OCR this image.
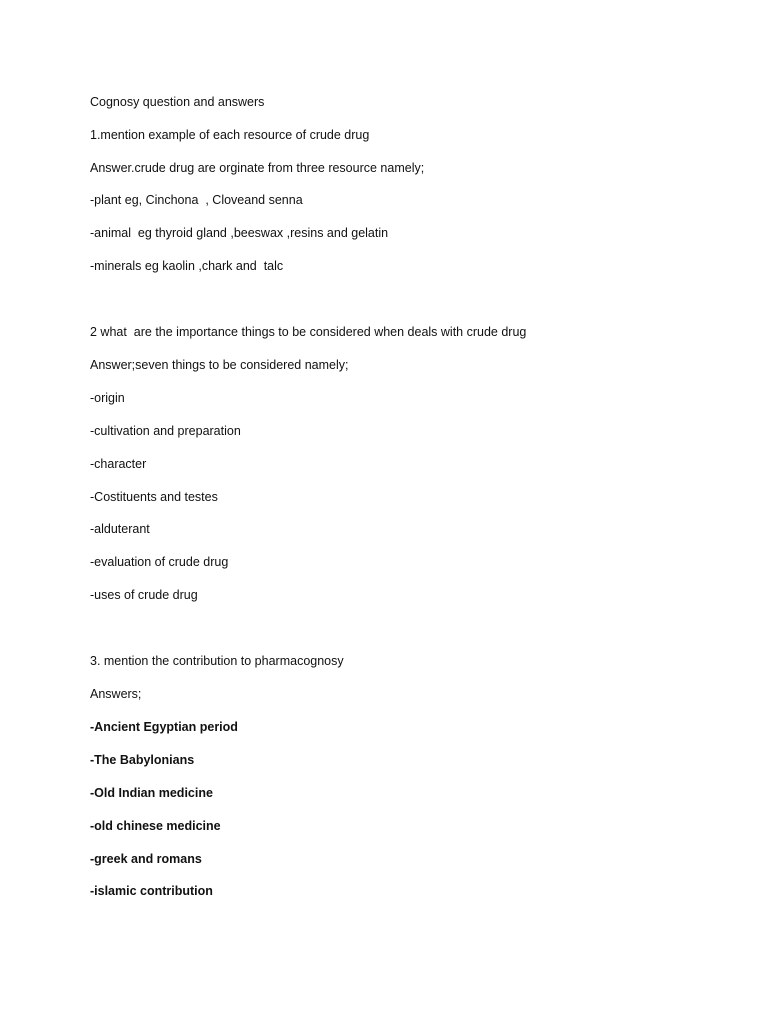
Cognosy question and answers
1.mention example of each resource of crude drug
Answer.crude drug are orginate from three resource namely;
-plant eg, Cinchona  , Cloveand senna
-animal  eg thyroid gland ,beeswax ,resins and gelatin
-minerals eg kaolin ,chark and  talc
2 what  are the importance things to be considered when deals with crude drug
Answer;seven things to be considered namely;
-origin
-cultivation and preparation
-character
-Costituents and testes
-alduterant
-evaluation of crude drug
-uses of crude drug
3. mention the contribution to pharmacognosy
Answers;
-Ancient Egyptian period
-The Babylonians
-Old Indian medicine
-old chinese medicine
-greek and romans
-islamic contribution
